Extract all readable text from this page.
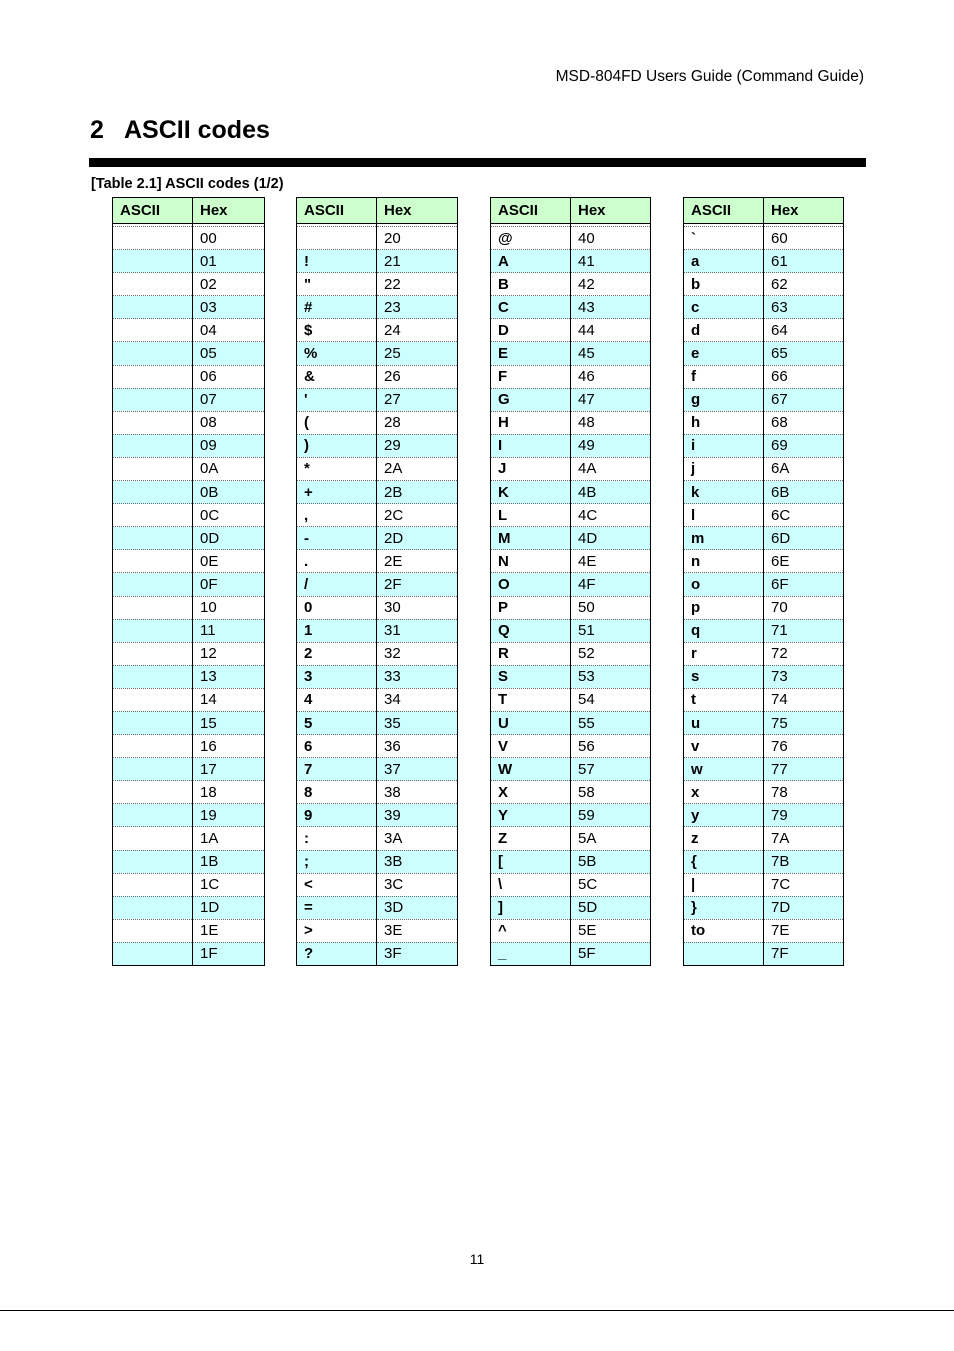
MSD-804FD Users Guide (Command Guide)
2 ASCII codes
[Table 2.1] ASCII codes (1/2)
ASCII	Hex

	00
	01
	02
	03
	04
	05
	06
	07
	08
	09
	0A
	0B
	0C
	0D
	0E
	0F
	10
	11
	12
	13
	14
	15
	16
	17
	18
	19
	1A
	1B
	1C
	1D
	1E
	1F
ASCII	Hex

	20
!	21
"	22
#	23
$	24
%	25
&	26
'	27
(	28
)	29
*	2A
+	2B
,	2C
-	2D
.	2E
/	2F
0	30
1	31
2	32
3	33
4	34
5	35
6	36
7	37
8	38
9	39
:	3A
;	3B
<	3C
=	3D
>	3E
?	3F
ASCII	Hex

@	40
A	41
B	42
C	43
D	44
E	45
F	46
G	47
H	48
I	49
J	4A
K	4B
L	4C
M	4D
N	4E
O	4F
P	50
Q	51
R	52
S	53
T	54
U	55
V	56
W	57
X	58
Y	59
Z	5A
[	5B
\	5C
]	5D
^	5E
_	5F
ASCII	Hex

`	60
a	61
b	62
c	63
d	64
e	65
f	66
g	67
h	68
i	69
j	6A
k	6B
l	6C
m	6D
n	6E
o	6F
p	70
q	71
r	72
s	73
t	74
u	75
v	76
w	77
x	78
y	79
z	7A
{	7B
|	7C
}	7D
to	7E
	7F
11
